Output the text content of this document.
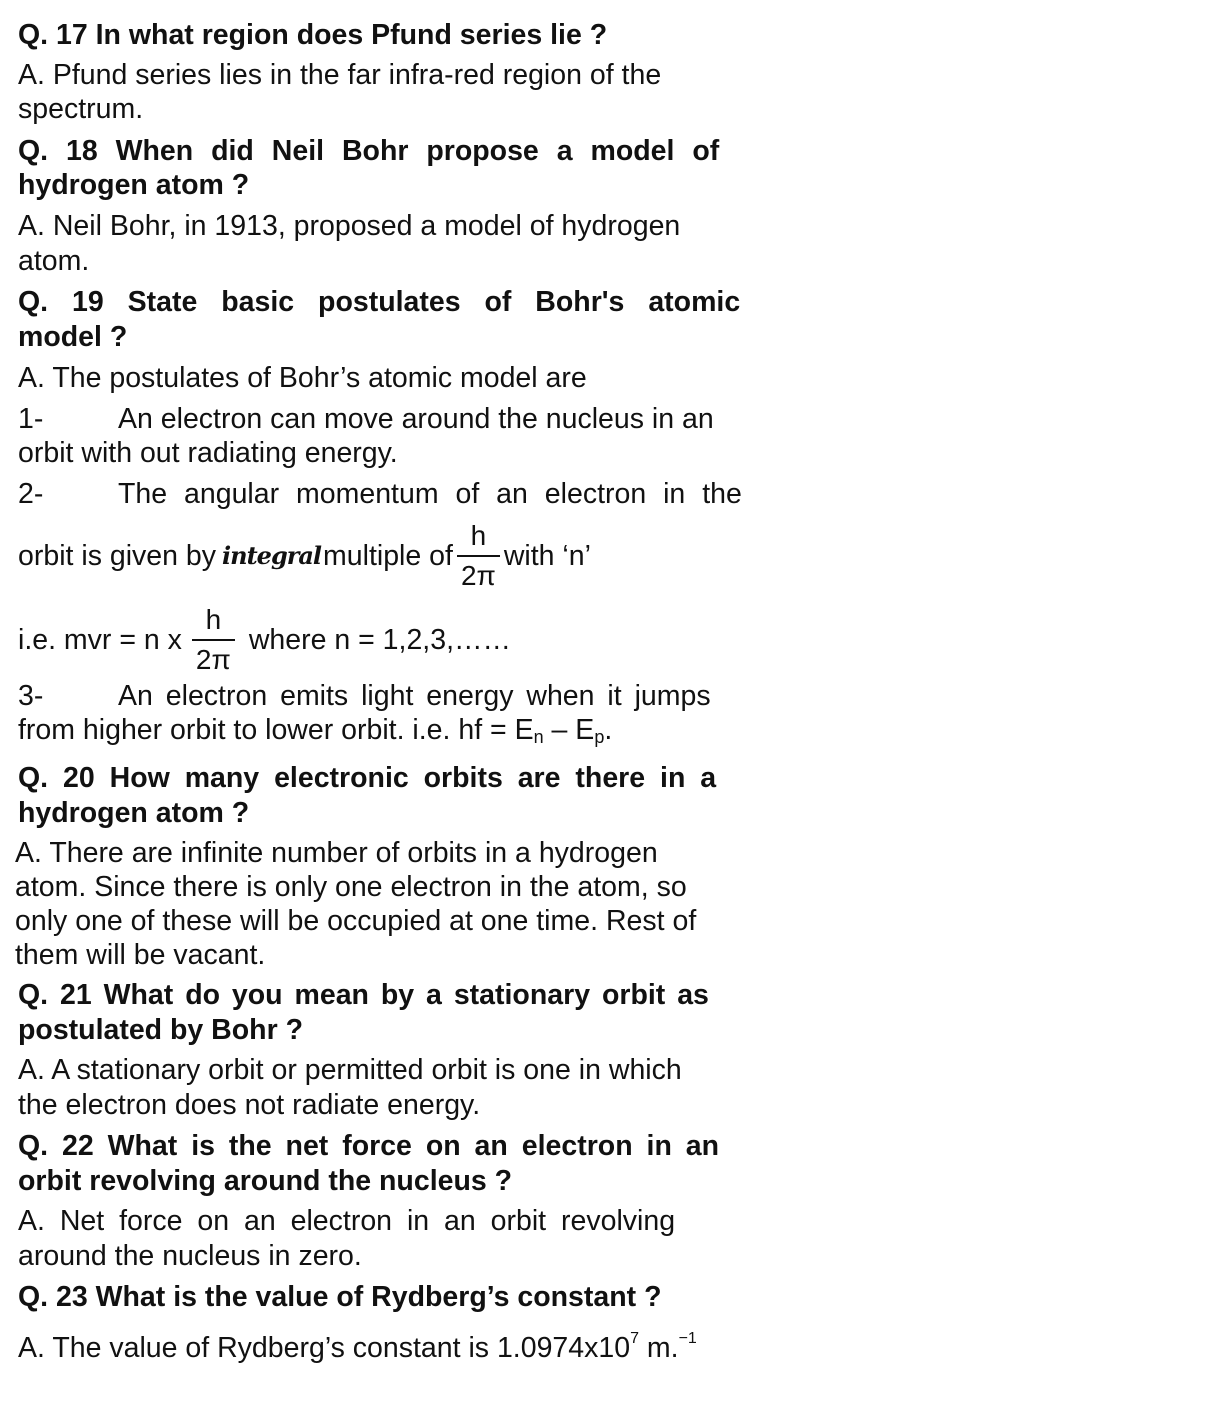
Q. 17 In what region does Pfund series lie ?
A. Pfund series lies in the far infra-red region of the
spectrum.
Q. 18 When did Neil Bohr propose a model of
hydrogen atom ?
A. Neil Bohr, in 1913, proposed a model of hydrogen
atom.
Q. 19 State basic postulates of Bohr's atomic
model ?
A. The postulates of Bohr’s atomic model are
1-	An electron can move around the nucleus in an
orbit with out radiating energy.
2-	The angular momentum of an electron in the
orbit is given by integral multiple of $\frac{h}{2\pi}$ with ‘n’
i.e. mvr = n x $\frac{h}{2\pi}$ where n = 1,2,3,……
3-	An electron emits light energy when it jumps
from higher orbit to lower orbit. i.e. hf = $E_n - E_p$.
Q. 20 How many electronic orbits are there in a
hydrogen atom ?
A. There are infinite number of orbits in a hydrogen
atom. Since there is only one electron in the atom, so
only one of these will be occupied at one time. Rest of
them will be vacant.
Q. 21 What do you mean by a stationary orbit as
postulated by Bohr ?
A. A stationary orbit or permitted orbit is one in which
the electron does not radiate energy.
Q. 22 What is the net force on an electron in an
orbit revolving around the nucleus ?
A. Net force on an electron in an orbit revolving
around the nucleus in zero.
Q. 23 What is the value of Rydberg’s constant ?
A. The value of Rydberg’s constant is $1.0974x10^7$ m.$^{-1}$
